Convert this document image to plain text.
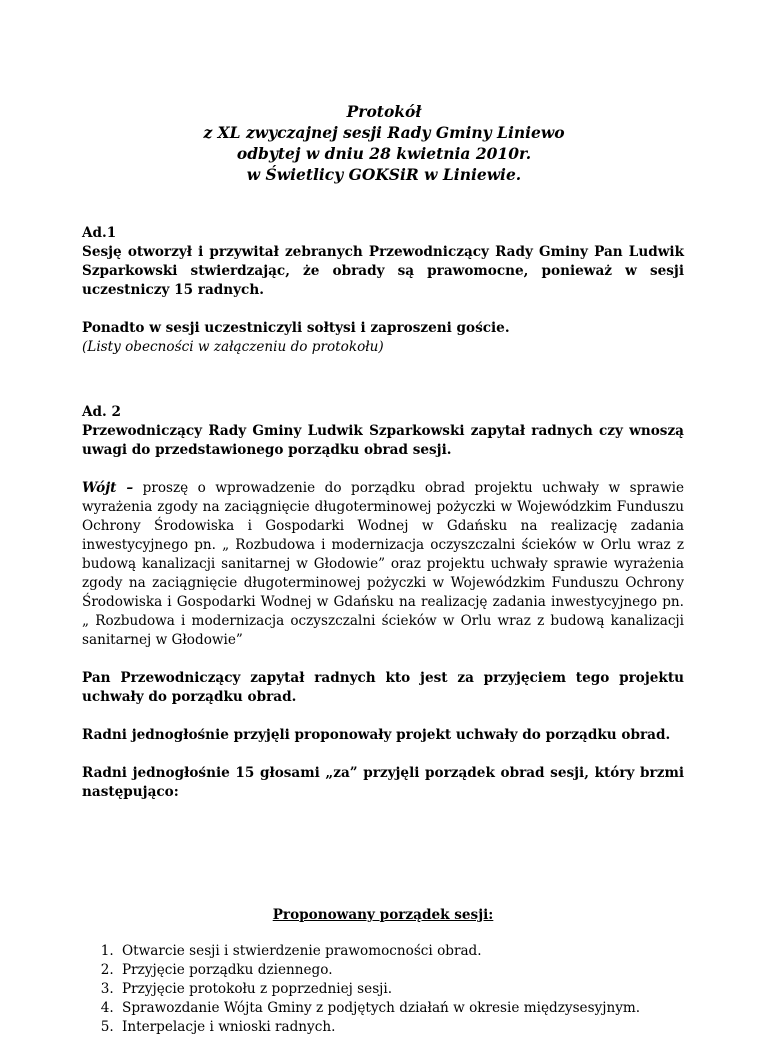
Protokół
z XL zwyczajnej sesji Rady Gminy Liniewo
odbytej w dniu 28 kwietnia 2010r.
w Świetlicy GOKSiR w Liniewie.

Ad.1

Sesję otworzył i przywitał zebranych Przewodniczący Rady Gminy Pan Ludwik Szparkowski stwierdzając, że obrady są prawomocne, ponieważ w sesji uczestniczy 15 radnych.

Ponadto w sesji uczestniczyli sołtysi i zaproszeni goście.

(Listy obecności w załączeniu do protokołu)

Ad. 2

Przewodniczący Rady Gminy Ludwik Szparkowski zapytał radnych czy wnoszą uwagi do przedstawionego porządku obrad sesji.

Wójt – proszę o wprowadzenie do porządku obrad projektu uchwały w sprawie wyrażenia zgody na zaciągnięcie długoterminowej pożyczki w Wojewódzkim Funduszu Ochrony Środowiska i Gospodarki Wodnej w Gdańsku na realizację zadania inwestycyjnego pn. „ Rozbudowa i modernizacja oczyszczalni ścieków w Orlu wraz z budową kanalizacji sanitarnej w Głodowie” oraz projektu uchwały sprawie wyrażenia zgody na zaciągnięcie długoterminowej pożyczki w Wojewódzkim Funduszu Ochrony Środowiska i Gospodarki Wodnej w Gdańsku na realizację zadania inwestycyjnego pn. „ Rozbudowa i modernizacja oczyszczalni ścieków w Orlu wraz z budową kanalizacji sanitarnej w Głodowie”

Pan Przewodniczący zapytał radnych kto jest za przyjęciem tego projektu uchwały do porządku obrad.

Radni jednogłośnie przyjęli proponowały projekt uchwały do porządku obrad.

Radni jednogłośnie 15 głosami „za” przyjęli porządek obrad sesji, który brzmi następująco:

Proponowany porządek sesji:

1. Otwarcie sesji i stwierdzenie prawomocności obrad.
2. Przyjęcie porządku dziennego.
3. Przyjęcie protokołu z poprzedniej sesji.
4. Sprawozdanie Wójta Gminy z podjętych działań w okresie międzysesyjnym.
5. Interpelacje i wnioski radnych.
